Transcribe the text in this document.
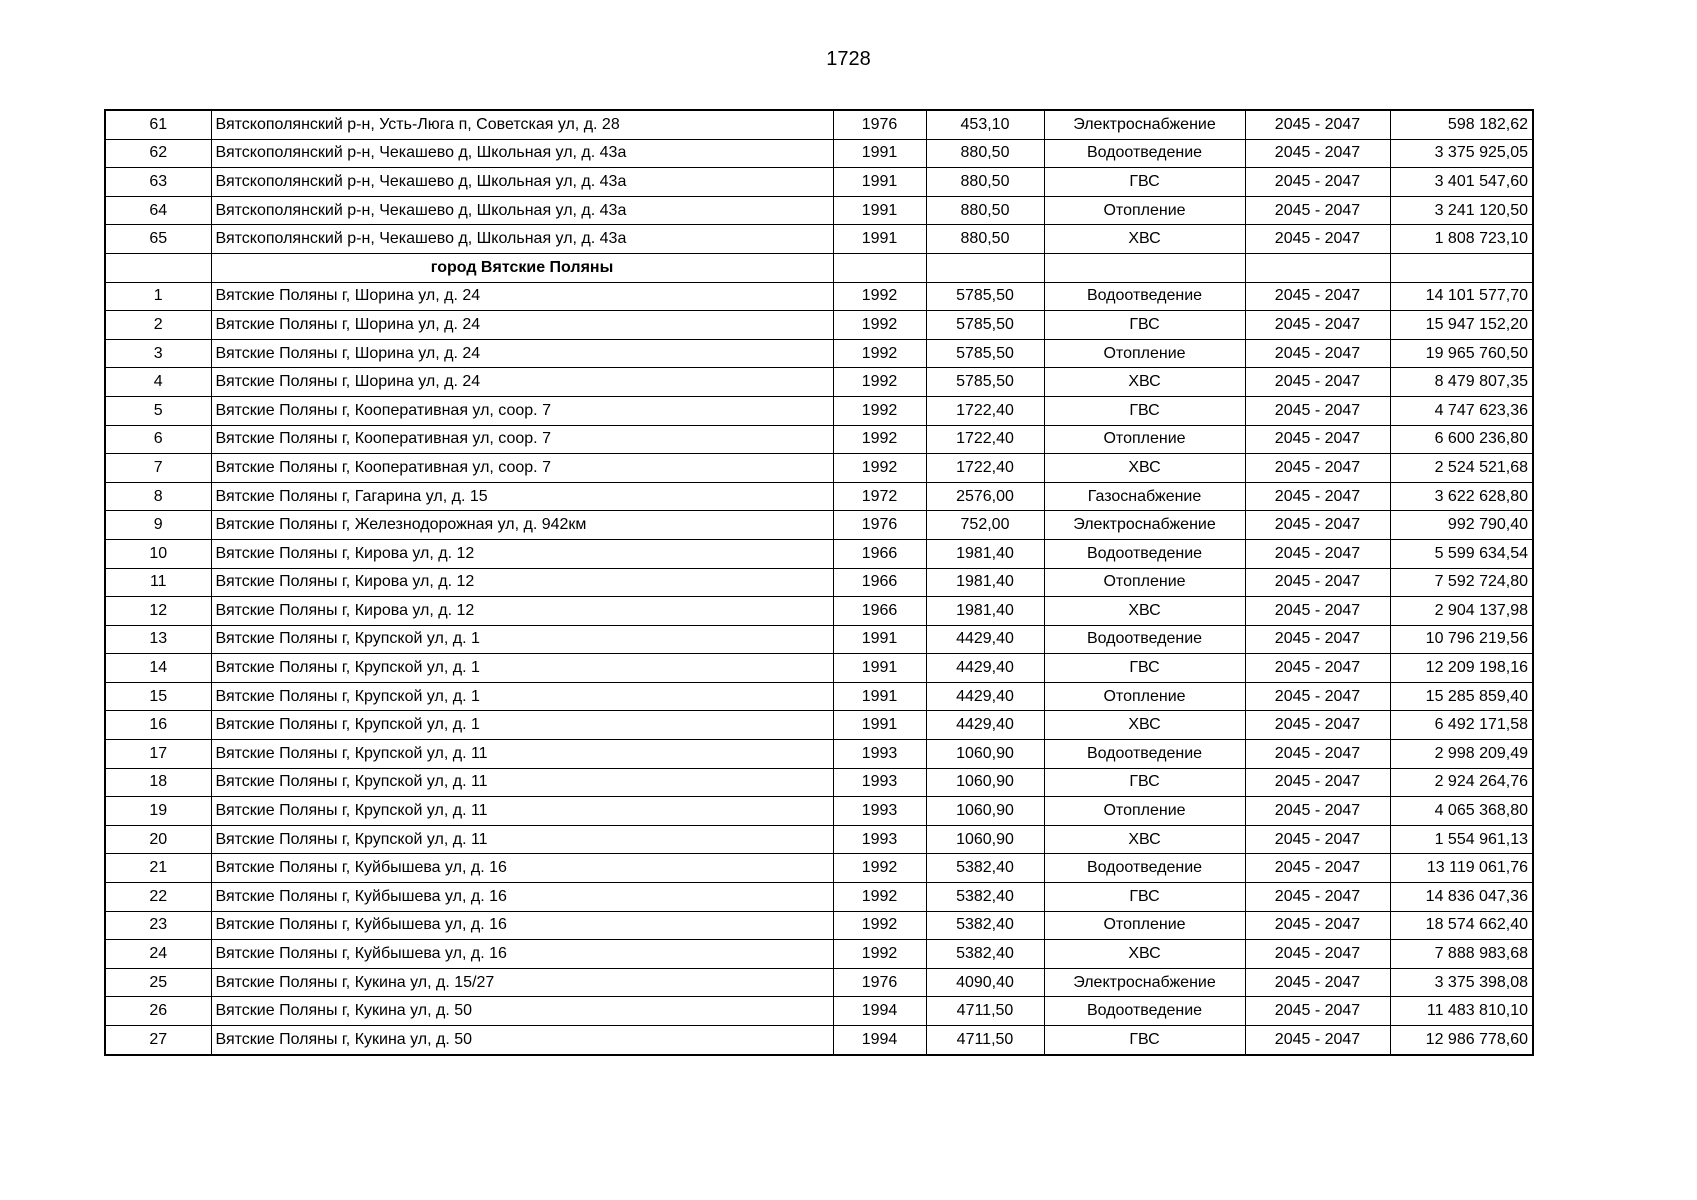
1728
61	Вятскополянский р-н, Усть-Люга п, Советская ул, д. 28	1976	453,10	Электроснабжение	2045 - 2047	598 182,62
62	Вятскополянский р-н, Чекашево д, Школьная ул, д. 43а	1991	880,50	Водоотведение	2045 - 2047	3 375 925,05
63	Вятскополянский р-н, Чекашево д, Школьная ул, д. 43а	1991	880,50	ГВС	2045 - 2047	3 401 547,60
64	Вятскополянский р-н, Чекашево д, Школьная ул, д. 43а	1991	880,50	Отопление	2045 - 2047	3 241 120,50
65	Вятскополянский р-н, Чекашево д, Школьная ул, д. 43а	1991	880,50	ХВС	2045 - 2047	1 808 723,10
	город Вятские Поляны					
1	Вятские Поляны г, Шорина ул, д. 24	1992	5785,50	Водоотведение	2045 - 2047	14 101 577,70
2	Вятские Поляны г, Шорина ул, д. 24	1992	5785,50	ГВС	2045 - 2047	15 947 152,20
3	Вятские Поляны г, Шорина ул, д. 24	1992	5785,50	Отопление	2045 - 2047	19 965 760,50
4	Вятские Поляны г, Шорина ул, д. 24	1992	5785,50	ХВС	2045 - 2047	8 479 807,35
5	Вятские Поляны г, Кооперативная ул, соор. 7	1992	1722,40	ГВС	2045 - 2047	4 747 623,36
6	Вятские Поляны г, Кооперативная ул, соор. 7	1992	1722,40	Отопление	2045 - 2047	6 600 236,80
7	Вятские Поляны г, Кооперативная ул, соор. 7	1992	1722,40	ХВС	2045 - 2047	2 524 521,68
8	Вятские Поляны г, Гагарина ул, д. 15	1972	2576,00	Газоснабжение	2045 - 2047	3 622 628,80
9	Вятские Поляны г, Железнодорожная ул, д. 942км	1976	752,00	Электроснабжение	2045 - 2047	992 790,40
10	Вятские Поляны г, Кирова ул, д. 12	1966	1981,40	Водоотведение	2045 - 2047	5 599 634,54
11	Вятские Поляны г, Кирова ул, д. 12	1966	1981,40	Отопление	2045 - 2047	7 592 724,80
12	Вятские Поляны г, Кирова ул, д. 12	1966	1981,40	ХВС	2045 - 2047	2 904 137,98
13	Вятские Поляны г, Крупской ул, д. 1	1991	4429,40	Водоотведение	2045 - 2047	10 796 219,56
14	Вятские Поляны г, Крупской ул, д. 1	1991	4429,40	ГВС	2045 - 2047	12 209 198,16
15	Вятские Поляны г, Крупской ул, д. 1	1991	4429,40	Отопление	2045 - 2047	15 285 859,40
16	Вятские Поляны г, Крупской ул, д. 1	1991	4429,40	ХВС	2045 - 2047	6 492 171,58
17	Вятские Поляны г, Крупской ул, д. 11	1993	1060,90	Водоотведение	2045 - 2047	2 998 209,49
18	Вятские Поляны г, Крупской ул, д. 11	1993	1060,90	ГВС	2045 - 2047	2 924 264,76
19	Вятские Поляны г, Крупской ул, д. 11	1993	1060,90	Отопление	2045 - 2047	4 065 368,80
20	Вятские Поляны г, Крупской ул, д. 11	1993	1060,90	ХВС	2045 - 2047	1 554 961,13
21	Вятские Поляны г, Куйбышева ул, д. 16	1992	5382,40	Водоотведение	2045 - 2047	13 119 061,76
22	Вятские Поляны г, Куйбышева ул, д. 16	1992	5382,40	ГВС	2045 - 2047	14 836 047,36
23	Вятские Поляны г, Куйбышева ул, д. 16	1992	5382,40	Отопление	2045 - 2047	18 574 662,40
24	Вятские Поляны г, Куйбышева ул, д. 16	1992	5382,40	ХВС	2045 - 2047	7 888 983,68
25	Вятские Поляны г, Кукина ул, д. 15/27	1976	4090,40	Электроснабжение	2045 - 2047	3 375 398,08
26	Вятские Поляны г, Кукина ул, д. 50	1994	4711,50	Водоотведение	2045 - 2047	11 483 810,10
27	Вятские Поляны г, Кукина ул, д. 50	1994	4711,50	ГВС	2045 - 2047	12 986 778,60
